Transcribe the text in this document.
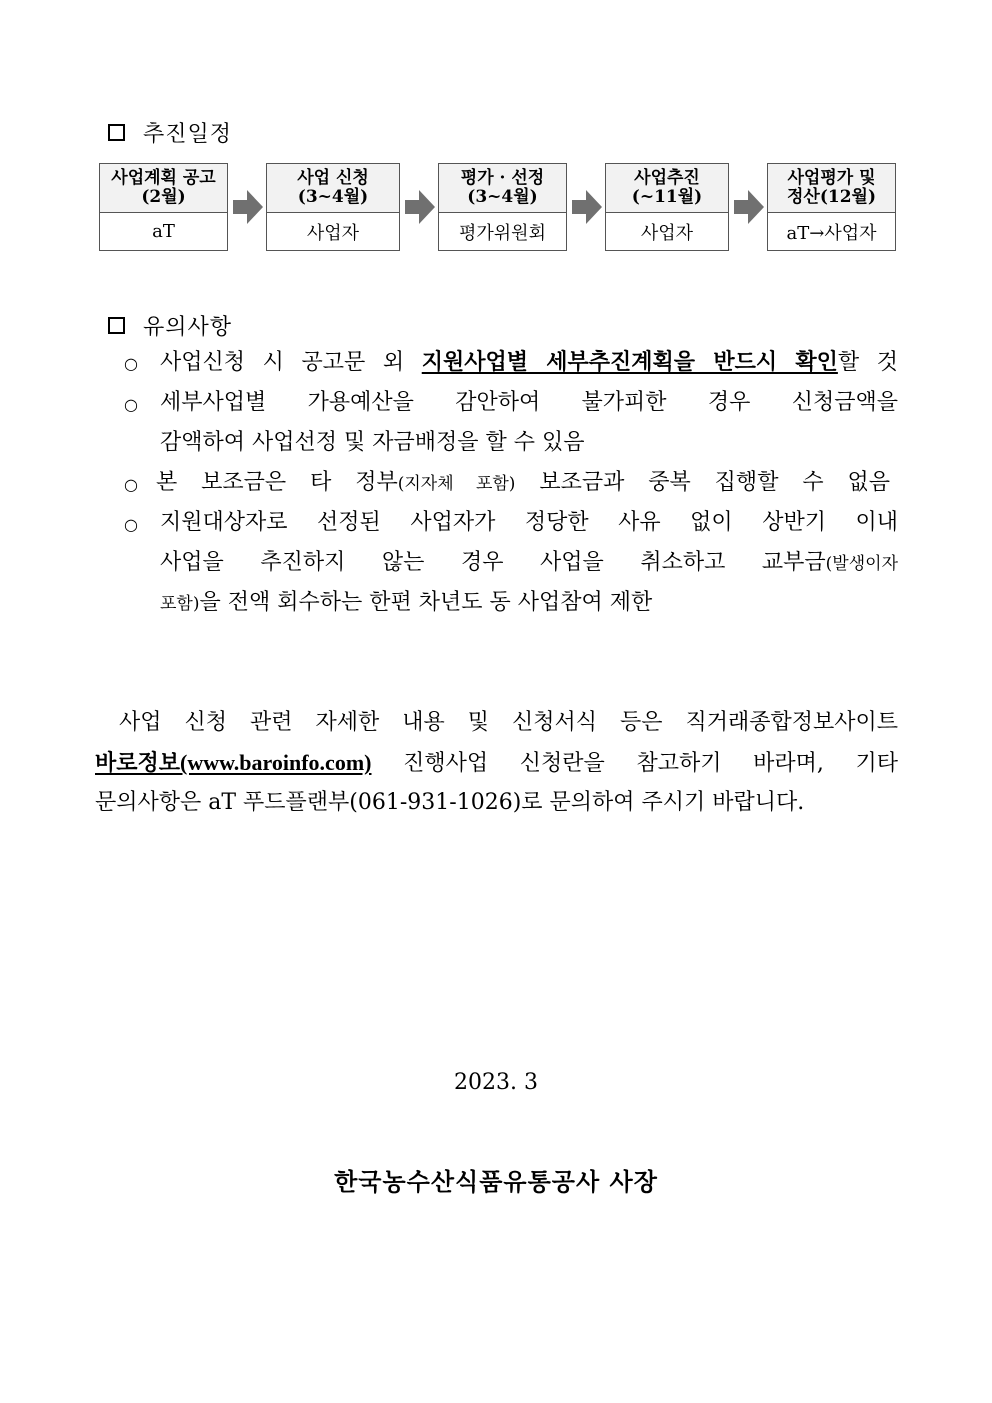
추진일정
사업계획 공고
(2월)
aT
사업 신청
(3~4월)
사업자
평가 · 선정
(3~4월)
평가위원회
사업추진
(~11월)
사업자
사업평가 및
정산(12월)
aT→사업자
유의사항
○ 사업신청 시 공고문 외 지원사업별 세부추진계획을 반드시 확인할 것
○ 세부사업별 가용예산을 감안하여 불가피한 경우 신청금액을
감액하여 사업선정 및 자금배정을 할 수 있음
○ 본 보조금은 타 정부(지자체 포함) 보조금과 중복 집행할 수 없음
○ 지원대상자로 선정된 사업자가 정당한 사유 없이 상반기 이내
사업을 추진하지 않는 경우 사업을 취소하고 교부금(발생이자
포함)을 전액 회수하는 한편 차년도 동 사업참여 제한
사업 신청 관련 자세한 내용 및 신청서식 등은 직거래종합정보사이트
바로정보(www.baroinfo.com) 진행사업 신청란을 참고하기 바라며, 기타
문의사항은 aT 푸드플랜부(061-931-1026)로 문의하여 주시기 바랍니다.
2023. 3
한국농수산식품유통공사 사장
